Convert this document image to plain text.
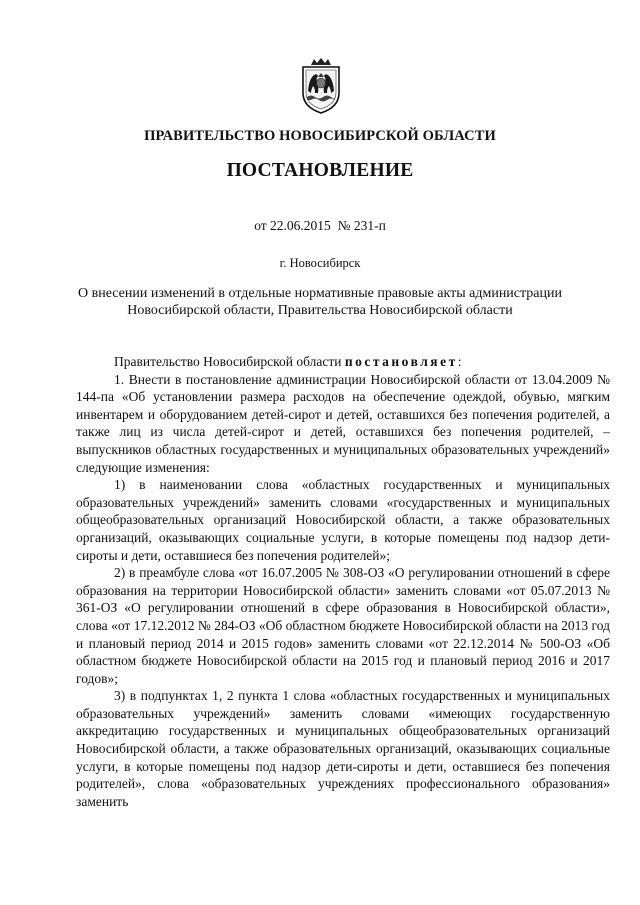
ПРАВИТЕЛЬСТВО НОВОСИБИРСКОЙ ОБЛАСТИ
ПОСТАНОВЛЕНИЕ
от 22.06.2015 № 231-п
г. Новосибирск
О внесении изменений в отдельные нормативные правовые акты администрации
Новосибирской области, Правительства Новосибирской области

Правительство Новосибирской области постановляет:

1. Внести в постановление администрации Новосибирской области от 13.04.2009 № 144-па «Об установлении размера расходов на обеспечение одеждой, обувью, мягким инвентарем и оборудованием детей-сирот и детей, оставшихся без попечения родителей, а также лиц из числа детей-сирот и детей, оставшихся без попечения родителей, – выпускников областных государственных и муниципальных образовательных учреждений» следующие изменения:

1) в наименовании слова «областных государственных и муниципальных образовательных учреждений» заменить словами «государственных и муниципальных общеобразовательных организаций Новосибирской области, а также образовательных организаций, оказывающих социальные услуги, в которые помещены под надзор дети-сироты и дети, оставшиеся без попечения родителей»;

2) в преамбуле слова «от 16.07.2005 № 308-ОЗ «О регулировании отношений в сфере образования на территории Новосибирской области» заменить словами «от 05.07.2013 № 361-ОЗ «О регулировании отношений в сфере образования в Новосибирской области», слова «от 17.12.2012 № 284-ОЗ «Об областном бюджете Новосибирской области на 2013 год и плановый период 2014 и 2015 годов» заменить словами «от 22.12.2014 № 500-ОЗ «Об областном бюджете Новосибирской области на 2015 год и плановый период 2016 и 2017 годов»;

3) в подпунктах 1, 2 пункта 1 слова «областных государственных и муниципальных образовательных учреждений» заменить словами «имеющих государственную аккредитацию государственных и муниципальных общеобразовательных организаций Новосибирской области, а также образовательных организаций, оказывающих социальные услуги, в которые помещены под надзор дети-сироты и дети, оставшиеся без попечения родителей», слова «образовательных учреждениях профессионального образования» заменить
